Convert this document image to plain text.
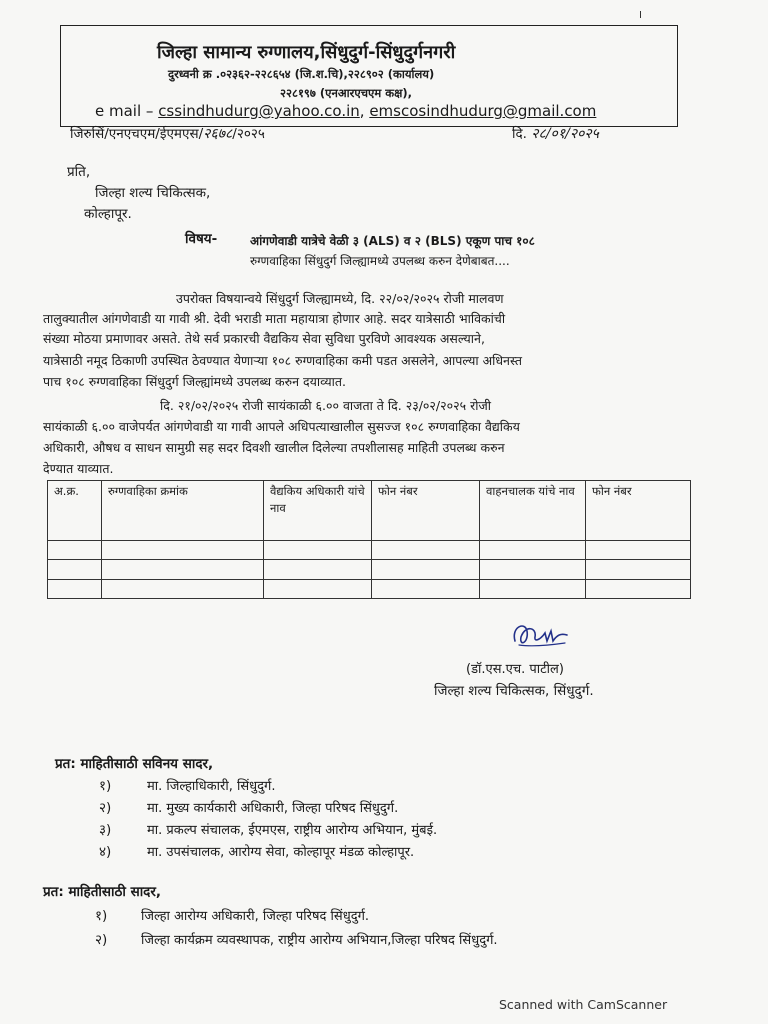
जिल्हा सामान्य रुग्णालय,सिंधुदुर्ग-सिंधुदुर्गनगरी
दुरध्वनी क्र .०२३६२-२२८६५४ (जि.श.चि),२२८९०२ (कार्यालय)
२२८१९७ (एनआरएचएम कक्ष),
e mail – cssindhudurg@yahoo.co.in, emscosindhudurg@gmail.com
जिरुसिं/एनएचएम/ईएमएस/२६७८/२०२५	दि. २८/०१/२०२५
प्रति,
जिल्हा शल्य चिकित्सक,
कोल्हापूर.
विषय-	आंगणेवाडी यात्रेचे वेळी ३ (ALS) व २ (BLS) एकूण पाच १०८
रुग्णवाहिका सिंधुदुर्ग जिल्ह्यामध्ये उपलब्ध करुन देणेबाबत....
उपरोक्त विषयान्वये सिंधुदुर्ग जिल्ह्यामध्ये, दि. २२/०२/२०२५ रोजी मालवण
तालुक्यातील आंगणेवाडी या गावी श्री. देवी भराडी माता महायात्रा होणार आहे. सदर यात्रेसाठी भाविकांची
संख्या मोठया प्रमाणावर असते. तेथे सर्व प्रकारची वैद्यकिय सेवा सुविधा पुरविणे आवश्यक असल्याने,
यात्रेसाठी नमूद ठिकाणी उपस्थित ठेवण्यात येणाऱ्या १०८ रुग्णवाहिका कमी पडत असलेने, आपल्या अधिनस्त
पाच १०८ रुग्णवाहिका सिंधुदुर्ग जिल्ह्यांमध्ये उपलब्ध करुन दयाव्यात.
दि. २१/०२/२०२५ रोजी सायंकाळी ६.०० वाजता ते दि. २३/०२/२०२५ रोजी
सायंकाळी ६.०० वाजेपर्यत आंगणेवाडी या गावी आपले अधिपत्याखालील सुसज्ज १०८ रुग्णवाहिका वैद्यकिय
अधिकारी, औषध व साधन सामुग्री सह सदर दिवशी खालील दिलेल्या तपशीलासह माहिती उपलब्ध करुन
देण्यात याव्यात.
अ.क्र.	रुग्णवाहिका क्रमांक	वैद्यकिय अधिकारी यांचे नाव	फोन नंबर	वाहनचालक यांचे नाव	फोन नंबर

(डॉ.एस.एच. पाटील)
जिल्हा शल्य चिकित्सक, सिंधुदुर्ग.
प्रत: माहितीसाठी सविनय सादर,
१)	मा. जिल्हाधिकारी, सिंधुदुर्ग.
२)	मा. मुख्य कार्यकारी अधिकारी, जिल्हा परिषद सिंधुदुर्ग.
३)	मा. प्रकल्प संचालक, ईएमएस, राष्ट्रीय आरोग्य अभियान, मुंबई.
४)	मा. उपसंचालक, आरोग्य सेवा, कोल्हापूर मंडळ कोल्हापूर.
प्रत: माहितीसाठी सादर,
१)	जिल्हा आरोग्य अधिकारी, जिल्हा परिषद सिंधुदुर्ग.
२)	जिल्हा कार्यक्रम व्यवस्थापक, राष्ट्रीय आरोग्य अभियान,जिल्हा परिषद सिंधुदुर्ग.
Scanned with CamScanner
